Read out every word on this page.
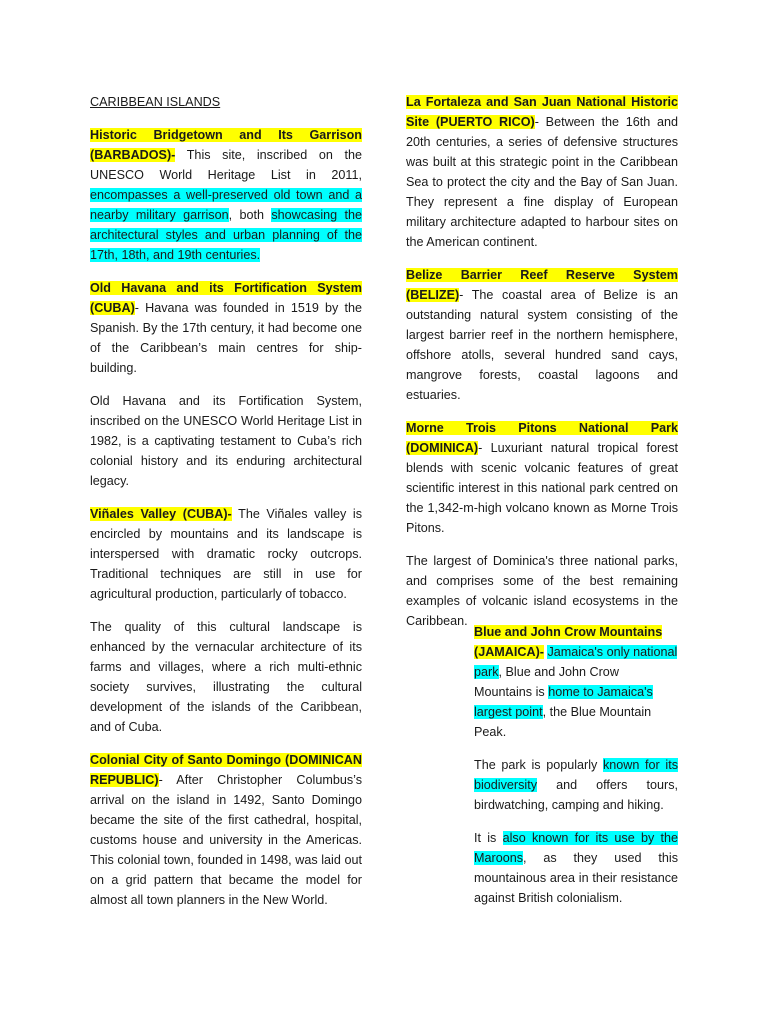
CARIBBEAN ISLANDS

Historic Bridgetown and Its Garrison (BARBADOS)- This site, inscribed on the UNESCO World Heritage List in 2011, encompasses a well-preserved old town and a nearby military garrison, both showcasing the architectural styles and urban planning of the 17th, 18th, and 19th centuries.

Old Havana and its Fortification System (CUBA)- Havana was founded in 1519 by the Spanish. By the 17th century, it had become one of the Caribbean’s main centres for ship-building.

Old Havana and its Fortification System, inscribed on the UNESCO World Heritage List in 1982, is a captivating testament to Cuba’s rich colonial history and its enduring architectural legacy.

Viñales Valley (CUBA)- The Viñales valley is encircled by mountains and its landscape is interspersed with dramatic rocky outcrops. Traditional techniques are still in use for agricultural production, particularly of tobacco.

The quality of this cultural landscape is enhanced by the vernacular architecture of its farms and villages, where a rich multi-ethnic society survives, illustrating the cultural development of the islands of the Caribbean, and of Cuba.

Colonial City of Santo Domingo (DOMINICAN REPUBLIC)- After Christopher Columbus’s arrival on the island in 1492, Santo Domingo became the site of the first cathedral, hospital, customs house and university in the Americas. This colonial town, founded in 1498, was laid out on a grid pattern that became the model for almost all town planners in the New World.

La Fortaleza and San Juan National Historic Site (PUERTO RICO)- Between the 16th and 20th centuries, a series of defensive structures was built at this strategic point in the Caribbean Sea to protect the city and the Bay of San Juan. They represent a fine display of European military architecture adapted to harbour sites on the American continent.

Belize Barrier Reef Reserve System (BELIZE)- The coastal area of Belize is an outstanding natural system consisting of the largest barrier reef in the northern hemisphere, offshore atolls, several hundred sand cays, mangrove forests, coastal lagoons and estuaries.

Morne Trois Pitons National Park (DOMINICA)- Luxuriant natural tropical forest blends with scenic volcanic features of great scientific interest in this national park centred on the 1,342-m-high volcano known as Morne Trois Pitons.

The largest of Dominica's three national parks, and comprises some of the best remaining examples of volcanic island ecosystems in the Caribbean.

Blue and John Crow Mountains (JAMAICA)- Jamaica's only national park, Blue and John Crow Mountains is home to Jamaica's largest point, the Blue Mountain Peak.

The park is popularly known for its biodiversity and offers tours, birdwatching, camping and hiking.

It is also known for its use by the Maroons, as they used this mountainous area in their resistance against British colonialism.
